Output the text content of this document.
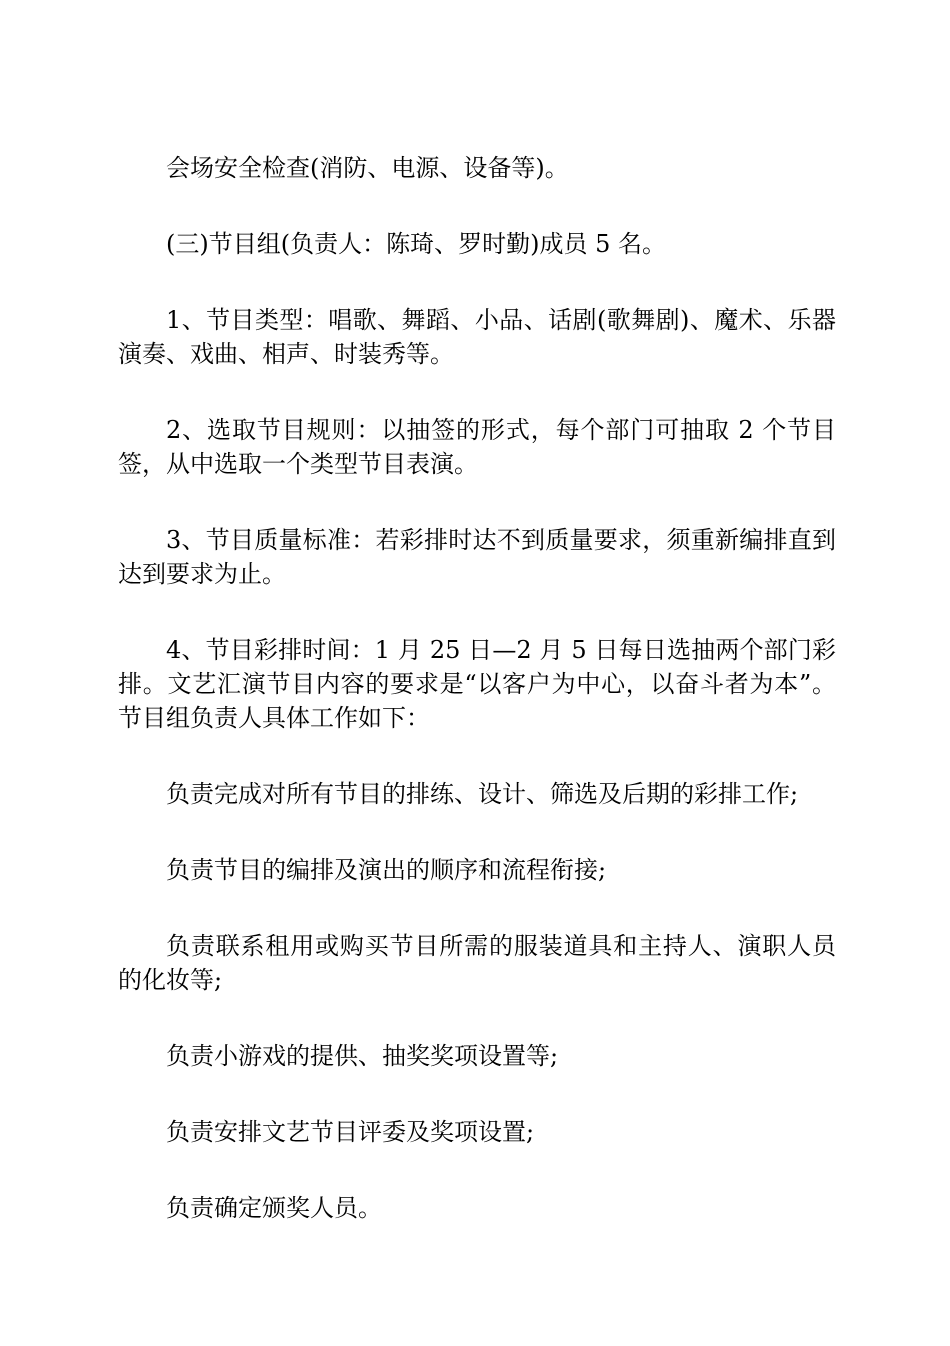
会场安全检查(消防、电源、设备等)。

(三)节目组(负责人：陈琦、罗时勤)成员 5 名。

1、节目类型：唱歌、舞蹈、小品、话剧(歌舞剧)、魔术、乐器演奏、戏曲、相声、时装秀等。

2、选取节目规则：以抽签的形式，每个部门可抽取 2 个节目签，从中选取一个类型节目表演。

3、节目质量标准：若彩排时达不到质量要求，须重新编排直到达到要求为止。

4、节目彩排时间：1 月 25 日—2 月 5 日每日选抽两个部门彩排。文艺汇演节目内容的要求是“以客户为中心，以奋斗者为本”。节目组负责人具体工作如下：

负责完成对所有节目的排练、设计、筛选及后期的彩排工作;

负责节目的编排及演出的顺序和流程衔接;

负责联系租用或购买节目所需的服装道具和主持人、演职人员的化妆等;

负责小游戏的提供、抽奖奖项设置等;

负责安排文艺节目评委及奖项设置;

负责确定颁奖人员。
